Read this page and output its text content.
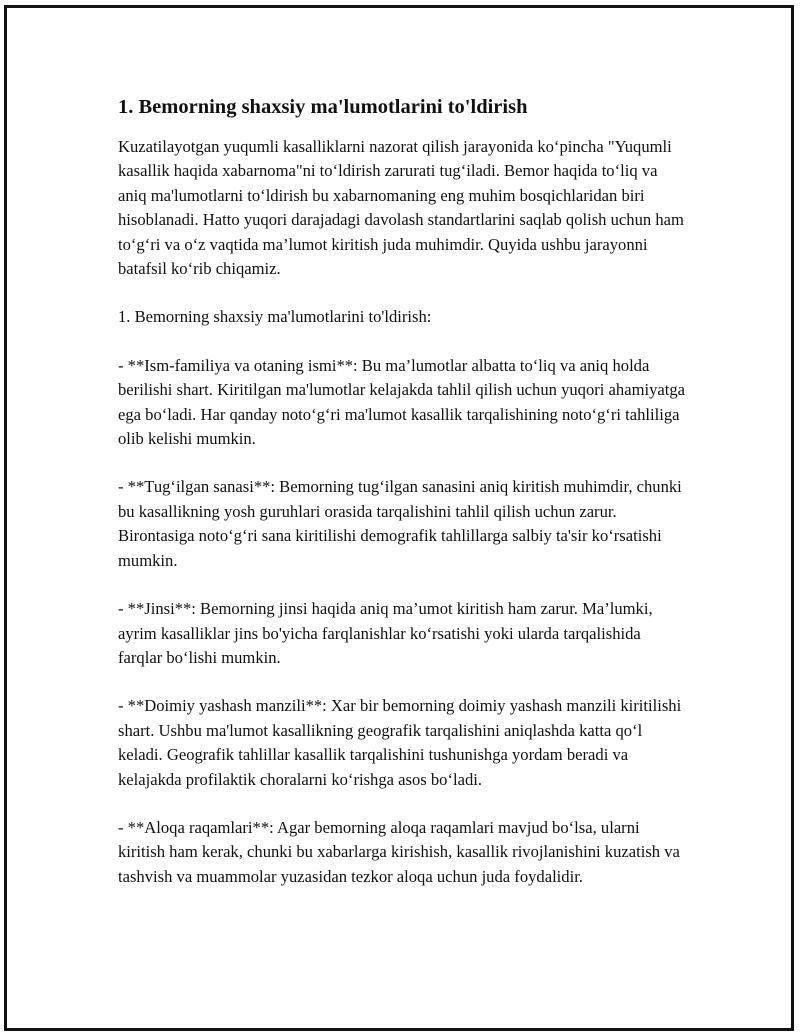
1. Bemorning shaxsiy ma'lumotlarini to'ldirish

Kuzatilayotgan yuqumli kasalliklarni nazorat qilish jarayonida ko‘pincha "Yuqumli kasallik haqida xabarnoma"ni to‘ldirish zarurati tug‘iladi. Bemor haqida to‘liq va aniq ma'lumotlarni to‘ldirish bu xabarnomaning eng muhim bosqichlaridan biri hisoblanadi. Hatto yuqori darajadagi davolash standartlarini saqlab qolish uchun ham to‘g‘ri va o‘z vaqtida ma’lumot kiritish juda muhimdir. Quyida ushbu jarayonni batafsil ko‘rib chiqamiz.

1. Bemorning shaxsiy ma'lumotlarini to'ldirish:

- **Ism-familiya va otaning ismi**: Bu ma’lumotlar albatta to‘liq va aniq holda berilishi shart. Kiritilgan ma'lumotlar kelajakda tahlil qilish uchun yuqori ahamiyatga ega bo‘ladi. Har qanday noto‘g‘ri ma'lumot kasallik tarqalishining noto‘g‘ri tahliliga olib kelishi mumkin.

- **Tug‘ilgan sanasi**: Bemorning tug‘ilgan sanasini aniq kiritish muhimdir, chunki bu kasallikning yosh guruhlari orasida tarqalishini tahlil qilish uchun zarur. Birontasiga noto‘g‘ri sana kiritilishi demografik tahlillarga salbiy ta'sir ko‘rsatishi mumkin.

- **Jinsi**: Bemorning jinsi haqida aniq ma’umot kiritish ham zarur. Ma’lumki, ayrim kasalliklar jins bo'yicha farqlanishlar ko‘rsatishi yoki ularda tarqalishida farqlar bo‘lishi mumkin.

- **Doimiy yashash manzili**: Xar bir bemorning doimiy yashash manzili kiritilishi shart. Ushbu ma'lumot kasallikning geografik tarqalishini aniqlashda katta qo‘l keladi. Geografik tahlillar kasallik tarqalishini tushunishga yordam beradi va kelajakda profilaktik choralarni ko‘rishga asos bo‘ladi.

- **Aloqa raqamlari**: Agar bemorning aloqa raqamlari mavjud bo‘lsa, ularni kiritish ham kerak, chunki bu xabarlarga kirishish, kasallik rivojlanishini kuzatish va tashvish va muammolar yuzasidan tezkor aloqa uchun juda foydalidir.
